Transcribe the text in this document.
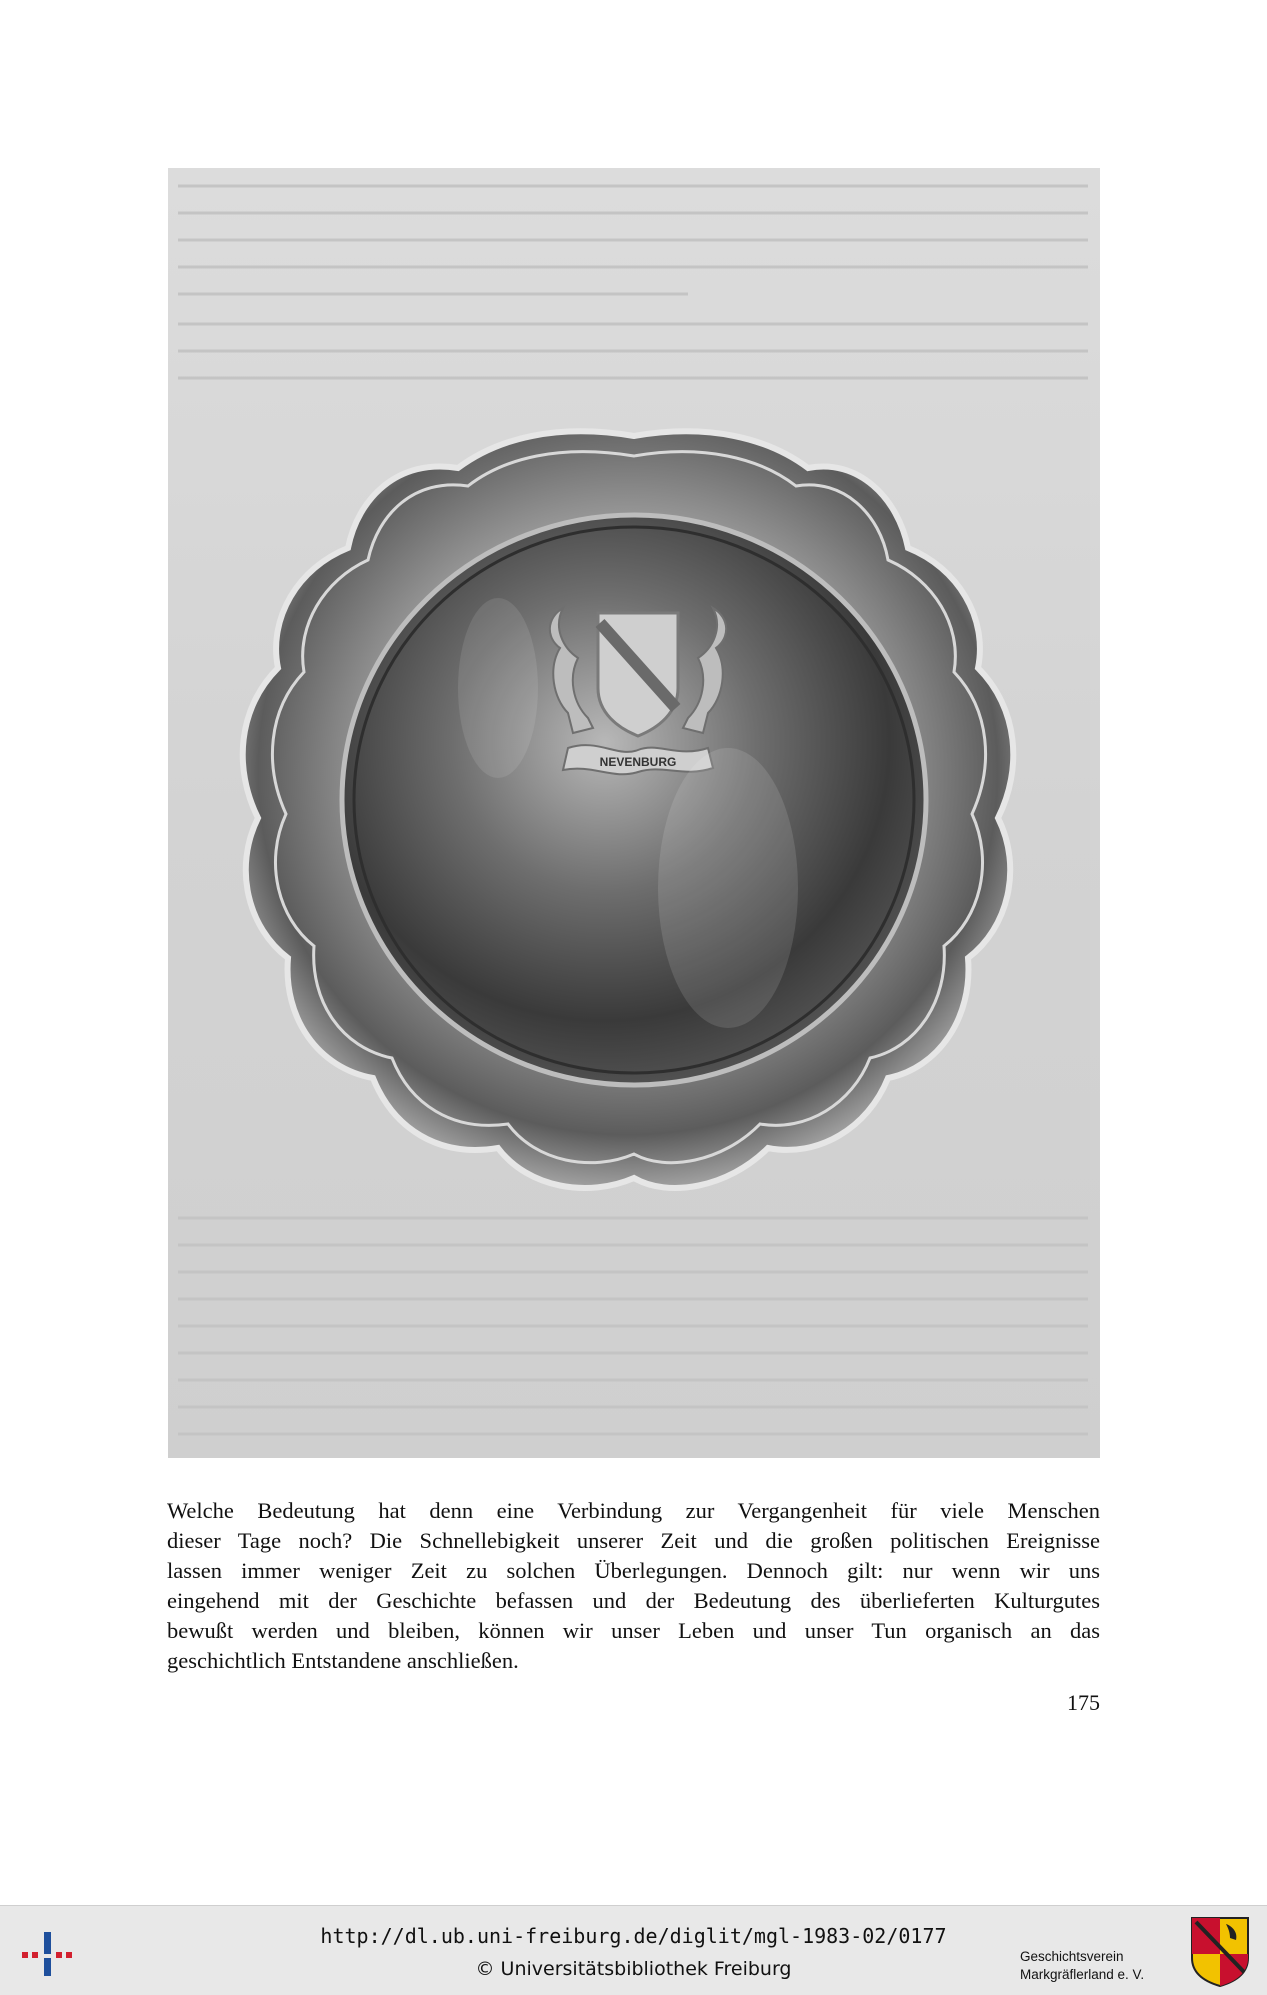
NEVENBURG

Welche Bedeutung hat denn eine Verbindung zur Vergangenheit für viele Menschen
dieser Tage noch? Die Schnellebigkeit unserer Zeit und die großen politischen Ereignisse
lassen immer weniger Zeit zu solchen Überlegungen. Dennoch gilt: nur wenn wir uns
eingehend mit der Geschichte befassen und der Bedeutung des überlieferten Kulturgutes
bewußt werden und bleiben, können wir unser Leben und unser Tun organisch an das
geschichtlich Entstandene anschließen.

175
http://dl.ub.uni-freiburg.de/diglit/mgl-1983-02/0177
© Universitätsbibliothek Freiburg
Geschichtsverein
Markgräflerland e. V.
